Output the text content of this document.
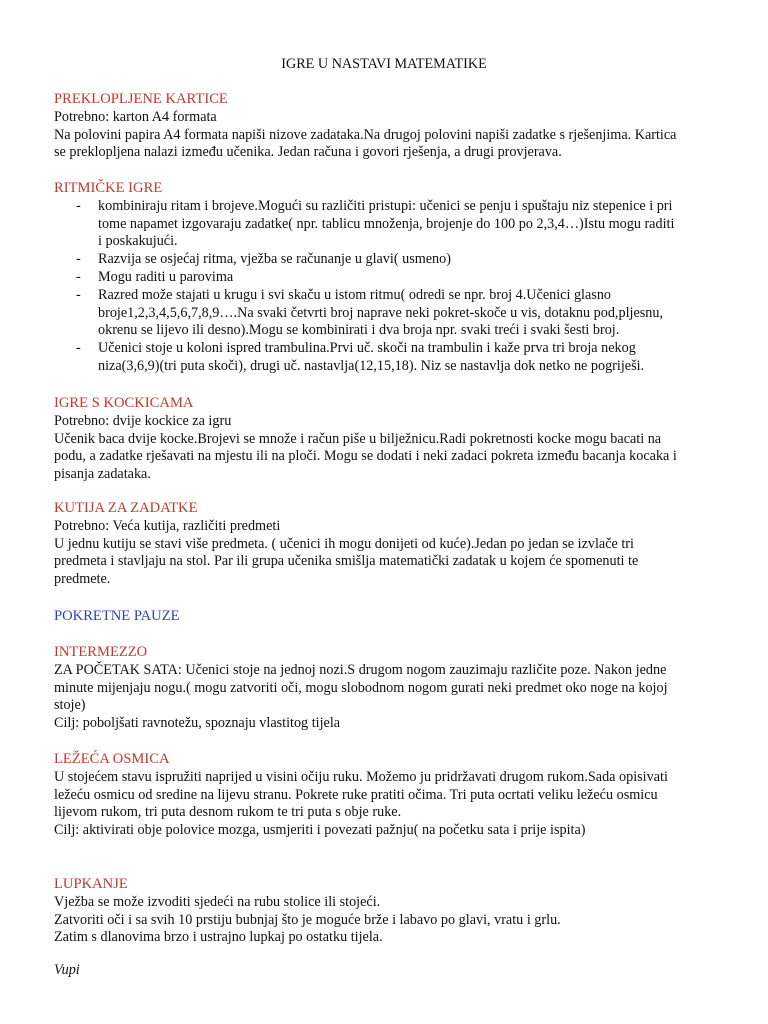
IGRE U NASTAVI MATEMATIKE

PREKLOPLJENE KARTICE

Potrebno: karton A4 formata

Na polovini papira A4 formata napiši nizove zadataka.Na drugoj polovini napiši zadatke s rješenjima. Kartica

se preklopljena nalazi između učenika. Jedan računa i govori rješenja, a drugi provjerava.

RITMIČKE IGRE

- kombiniraju ritam i brojeve.Mogući su različiti pristupi: učenici se penju i spuštaju niz stepenice i pri

tome napamet izgovaraju zadatke( npr. tablicu množenja, brojenje do 100 po 2,3,4…)Istu mogu raditi

i poskakujući.

- Razvija se osjećaj ritma, vježba se računanje u glavi( usmeno)

- Mogu raditi u parovima

- Razred može stajati u krugu i svi skaču u istom ritmu( odredi se npr. broj 4.Učenici glasno

broje1,2,3,4,5,6,7,8,9….Na svaki četvrti broj naprave neki pokret-skoče u vis, dotaknu pod,pljesnu,

okrenu se lijevo ili desno).Mogu se kombinirati i dva broja npr. svaki treći i svaki šesti broj.

- Učenici stoje u koloni ispred trambulina.Prvi uč. skoči na trambulin i kaže prva tri broja nekog

niza(3,6,9)(tri puta skoči), drugi uč. nastavlja(12,15,18). Niz se nastavlja dok netko ne pogriješi.

IGRE S KOCKICAMA

Potrebno: dvije kockice za igru

Učenik baca dvije kocke.Brojevi se množe i račun piše u bilježnicu.Radi pokretnosti kocke mogu bacati na

podu, a zadatke rješavati na mjestu ili na ploči. Mogu se dodati i neki zadaci pokreta između bacanja kocaka i

pisanja zadataka.

KUTIJA ZA ZADATKE

Potrebno: Veća kutija, različiti predmeti

U jednu kutiju se stavi više predmeta. ( učenici ih mogu donijeti od kuće).Jedan po jedan se izvlače tri

predmeta i stavljaju na stol. Par ili grupa učenika smišlja matematički zadatak u kojem će spomenuti te

predmete.

POKRETNE PAUZE

INTERMEZZO

ZA POČETAK SATA: Učenici stoje na jednoj nozi.S drugom nogom zauzimaju različite poze. Nakon jedne

minute mijenjaju nogu.( mogu zatvoriti oči, mogu slobodnom nogom gurati neki predmet oko noge na kojoj

stoje)

Cilj: poboljšati ravnotežu, spoznaju vlastitog tijela

LEŽEĆA OSMICA

U stojećem stavu ispružiti naprijed u visini očiju ruku. Možemo ju pridržavati drugom rukom.Sada opisivati

ležeću osmicu od sredine na lijevu stranu. Pokrete ruke pratiti očima. Tri puta ocrtati veliku ležeću osmicu

lijevom rukom, tri puta desnom rukom te tri puta s obje ruke.

Cilj: aktivirati obje polovice mozga, usmjeriti i povezati pažnju( na početku sata i prije ispita)

LUPKANJE

Vježba se može izvoditi sjedeći na rubu stolice ili stojeći.

Zatvoriti oči i sa svih 10 prstiju bubnjaj što je moguće brže i labavo po glavi, vratu i grlu.

Zatim s dlanovima brzo i ustrajno lupkaj po ostatku tijela.

Vupi
